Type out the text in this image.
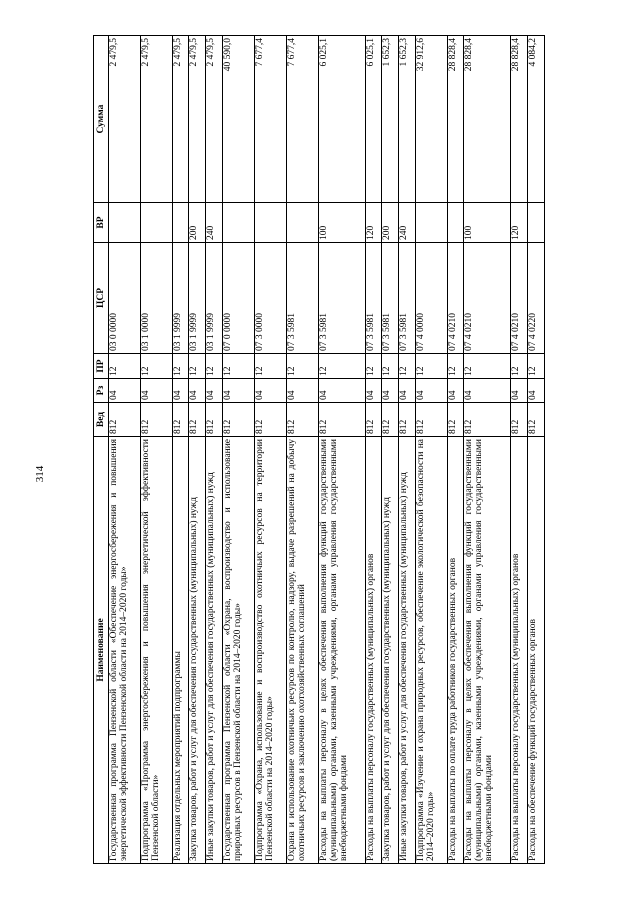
314
Наименование	Вед	Рз	ПР	ЦСР	ВР	Сумма
Государственная программа Пензенской области «Обеспечение энергосбережения и повышения энергетической эффективности Пензенской области на 2014–2020 годы»	812	04	12	03 0 0000		2 479,5
Подпрограмма «Программа энергосбережения и повышения энергетической эффективности Пензенской области»	812	04	12	03 1 0000		2 479,5
Реализация отдельных мероприятий подпрограммы	812	04	12	03 1 9999		2 479,5
Закупка товаров, работ и услуг для обеспечения государственных (муниципальных) нужд	812	04	12	03 1 9999	200	2 479,5
Иные закупки товаров, работ и услуг для обеспечения государственных (муниципальных) нужд	812	04	12	03 1 9999	240	2 479,5
Государственная программа Пензенской области «Охрана, воспроизводство и использование природных ресурсов в Пензенской области на 2014–2020 годы»	812	04	12	07 0 0000		40 590,0
Подпрограмма «Охрана, использование и воспроизводство охотничьих ресурсов на территории Пензенской области на 2014–2020 годы»	812	04	12	07 3 0000		7 677,4
Охрана и использование охотничьих ресурсов по контролю, надзору, выдаче разрешений на добычу охотничьих ресурсов и заключению охотхозяйственных соглашений	812	04	12	07 3 5981		7 677,4
Расходы на выплаты персоналу в целях обеспечения выполнения функций государственными (муниципальными) органами, казенными учреждениями, органами управления государственными внебюджетными фондами	812	04	12	07 3 5981	100	6 025,1
Расходы на выплаты персоналу государственных (муниципальных) органов	812	04	12	07 3 5981	120	6 025,1
Закупка товаров, работ и услуг для обеспечения государственных (муниципальных) нужд	812	04	12	07 3 5981	200	1 652,3
Иные закупки товаров, работ и услуг для обеспечения государственных (муниципальных) нужд	812	04	12	07 3 5981	240	1 652,3
Подпрограмма «Изучение и охрана природных ресурсов, обеспечение экологической безопасности на 2014–2020 годы»	812	04	12	07 4 0000		32 912,6
Расходы на выплаты по оплате труда работников государственных органов	812	04	12	07 4 0210		28 828,4
Расходы на выплаты персоналу в целях обеспечения выполнения функций государственными (муниципальными) органами, казенными учреждениями, органами управления государственными внебюджетными фондами	812	04	12	07 4 0210	100	28 828,4
Расходы на выплаты персоналу государственных (муниципальных) органов	812	04	12	07 4 0210	120	28 828,4
Расходы на обеспечение функций государственных органов	812	04	12	07 4 0220		4 084,2
